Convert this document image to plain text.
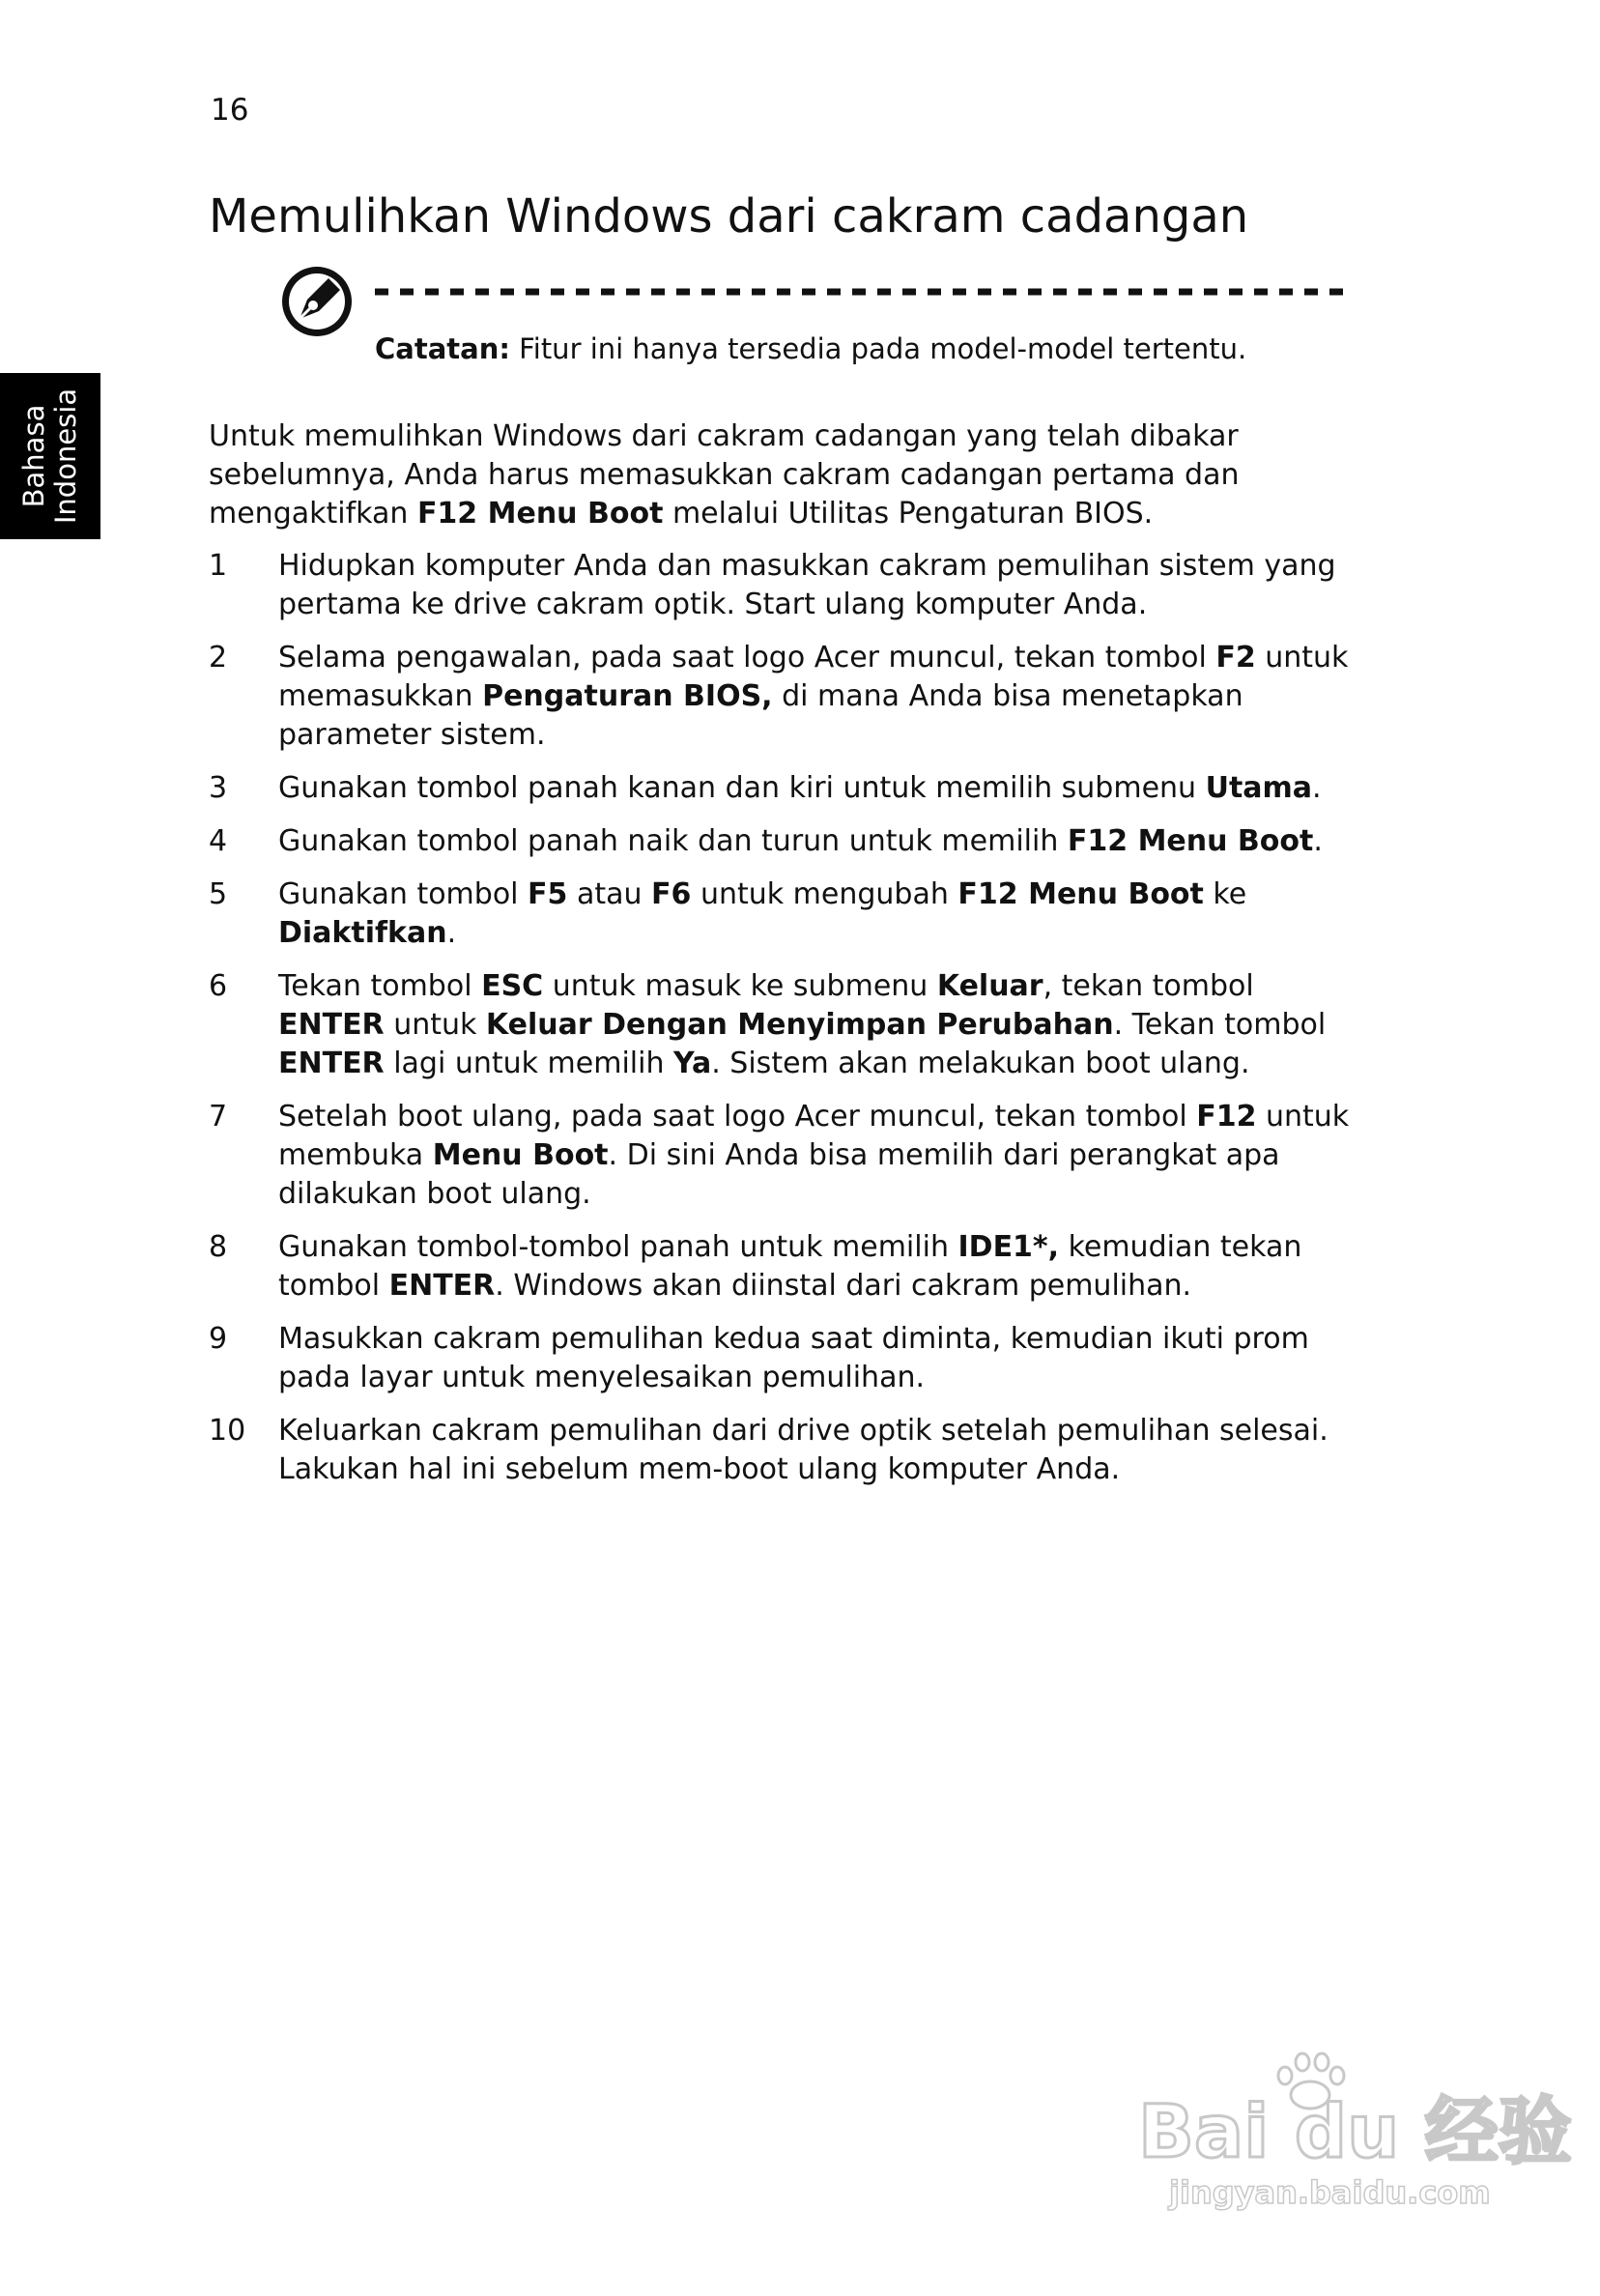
16
Bahasa Indonesia
Memulihkan Windows dari cakram cadangan
Catatan: Fitur ini hanya tersedia pada model-model tertentu.

Untuk memulihkan Windows dari cakram cadangan yang telah dibakar sebelumnya, Anda harus memasukkan cakram cadangan pertama dan mengaktifkan F12 Menu Boot melalui Utilitas Pengaturan BIOS.

1 Hidupkan komputer Anda dan masukkan cakram pemulihan sistem yang pertama ke drive cakram optik. Start ulang komputer Anda.
2 Selama pengawalan, pada saat logo Acer muncul, tekan tombol F2 untuk memasukkan Pengaturan BIOS, di mana Anda bisa menetapkan parameter sistem.
3 Gunakan tombol panah kanan dan kiri untuk memilih submenu Utama.
4 Gunakan tombol panah naik dan turun untuk memilih F12 Menu Boot.
5 Gunakan tombol F5 atau F6 untuk mengubah F12 Menu Boot ke Diaktifkan.
6 Tekan tombol ESC untuk masuk ke submenu Keluar, tekan tombol ENTER untuk Keluar Dengan Menyimpan Perubahan. Tekan tombol ENTER lagi untuk memilih Ya. Sistem akan melakukan boot ulang.
7 Setelah boot ulang, pada saat logo Acer muncul, tekan tombol F12 untuk membuka Menu Boot. Di sini Anda bisa memilih dari perangkat apa dilakukan boot ulang.
8 Gunakan tombol-tombol panah untuk memilih IDE1*, kemudian tekan tombol ENTER. Windows akan diinstal dari cakram pemulihan.
9 Masukkan cakram pemulihan kedua saat diminta, kemudian ikuti prom pada layar untuk menyelesaikan pemulihan.
10 Keluarkan cakram pemulihan dari drive optik setelah pemulihan selesai. Lakukan hal ini sebelum mem-boot ulang komputer Anda.
Bai du 经验
jingyan.baidu.com
